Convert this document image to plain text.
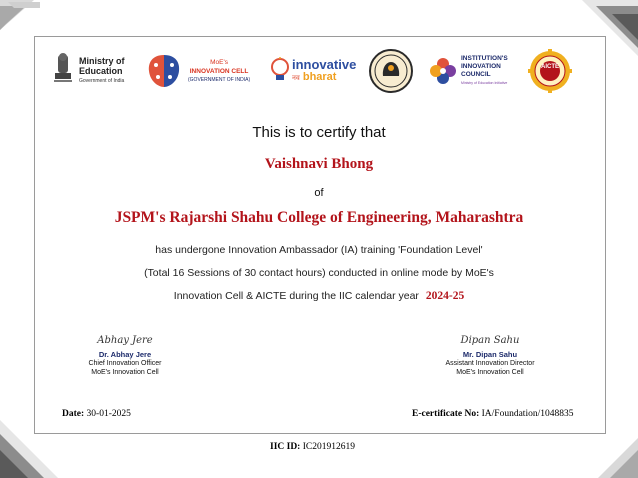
Ministry of
Education
Government of India
MoE's
INNOVATION CELL
(GOVERNMENT OF INDIA)
innovative
नव bharat
INSTITUTION'S
INNOVATION
COUNCIL
Ministry of Education Initiative
AICTE
This is to certify that
Vaishnavi Bhong
of
JSPM's Rajarshi Shahu College of Engineering, Maharashtra
has undergone Innovation Ambassador (IA) training 'Foundation Level'
(Total 16 Sessions of 30 contact hours) conducted in online mode by MoE's
Innovation Cell & AICTE during the IIC calendar year 2024-25
Abhay Jere
Dr. Abhay Jere
Chief Innovation Officer
MoE's Innovation Cell
Dipan Sahu
Mr. Dipan Sahu
Assistant Innovation Director
MoE's Innovation Cell
Date: 30-01-2025	E-certificate No: IA/Foundation/1048835
IIC ID: IC201912619
